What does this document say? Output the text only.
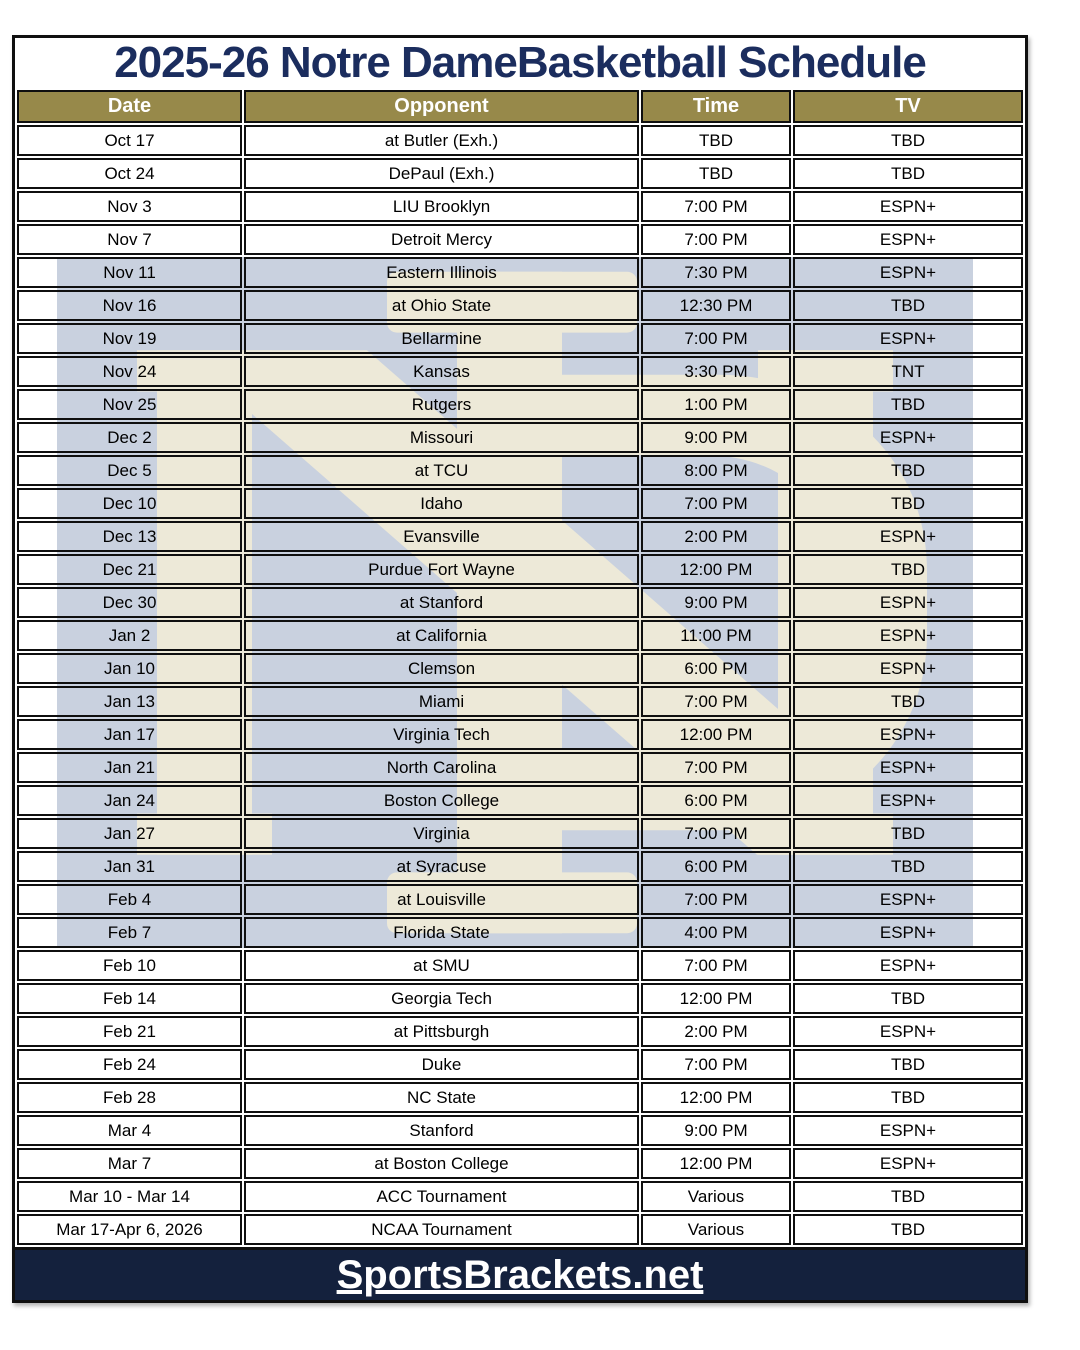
2025-26 Notre DameBasketball Schedule
Date	Opponent	Time	TV
Oct 17	at Butler (Exh.)	TBD	TBD
Oct 24	DePaul (Exh.)	TBD	TBD
Nov 3	LIU Brooklyn	7:00 PM	ESPN+
Nov 7	Detroit Mercy	7:00 PM	ESPN+
Nov 11	Eastern Illinois	7:30 PM	ESPN+
Nov 16	at Ohio State	12:30 PM	TBD
Nov 19	Bellarmine	7:00 PM	ESPN+
Nov 24	Kansas	3:30 PM	TNT
Nov 25	Rutgers	1:00 PM	TBD
Dec 2	Missouri	9:00 PM	ESPN+
Dec 5	at TCU	8:00 PM	TBD
Dec 10	Idaho	7:00 PM	TBD
Dec 13	Evansville	2:00 PM	ESPN+
Dec 21	Purdue Fort Wayne	12:00 PM	TBD
Dec 30	at Stanford	9:00 PM	ESPN+
Jan 2	at California	11:00 PM	ESPN+
Jan 10	Clemson	6:00 PM	ESPN+
Jan 13	Miami	7:00 PM	TBD
Jan 17	Virginia Tech	12:00 PM	ESPN+
Jan 21	North Carolina	7:00 PM	ESPN+
Jan 24	Boston College	6:00 PM	ESPN+
Jan 27	Virginia	7:00 PM	TBD
Jan 31	at Syracuse	6:00 PM	TBD
Feb 4	at Louisville	7:00 PM	ESPN+
Feb 7	Florida State	4:00 PM	ESPN+
Feb 10	at SMU	7:00 PM	ESPN+
Feb 14	Georgia Tech	12:00 PM	TBD
Feb 21	at Pittsburgh	2:00 PM	ESPN+
Feb 24	Duke	7:00 PM	TBD
Feb 28	NC State	12:00 PM	TBD
Mar 4	Stanford	9:00 PM	ESPN+
Mar 7	at Boston College	12:00 PM	ESPN+
Mar 10 - Mar 14	ACC Tournament	Various	TBD
Mar 17-Apr 6, 2026	NCAA Tournament	Various	TBD
SportsBrackets.net
